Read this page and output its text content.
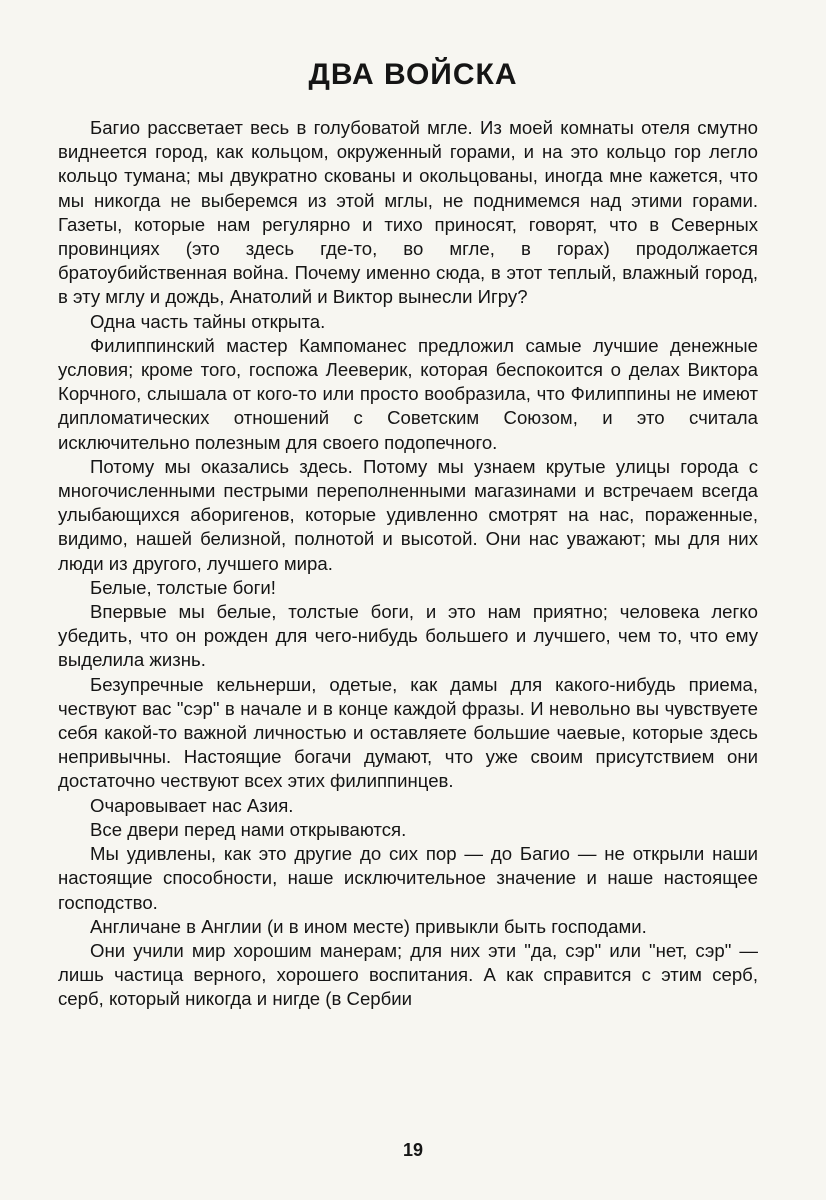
ДВА ВОЙСКА

Багио рассветает весь в голубоватой мгле. Из моей комнаты отеля смутно виднеется город, как кольцом, окруженный горами, и на это кольцо гор легло кольцо тумана; мы двукратно скованы и окольцованы, иногда мне кажется, что мы никогда не выберемся из этой мглы, не поднимемся над этими горами. Газеты, которые нам регулярно и тихо приносят, говорят, что в Северных провинциях (это здесь где-то, во мгле, в горах) продолжается братоубийственная война. Почему именно сюда, в этот теплый, влажный город, в эту мглу и дождь, Анатолий и Виктор вынесли Игру?

Одна часть тайны открыта.

Филиппинский мастер Кампоманес предложил самые лучшие денежные условия; кроме того, госпожа Лееверик, которая беспокоится о делах Виктора Корчного, слышала от кого-то или просто вообразила, что Филиппины не имеют дипломатических отношений с Советским Союзом, и это считала исключительно полезным для своего подопечного.

Потому мы оказались здесь. Потому мы узнаем крутые улицы города с многочисленными пестрыми переполненными магазинами и встречаем всегда улыбающихся аборигенов, которые удивленно смотрят на нас, пораженные, видимо, нашей белизной, полнотой и высотой. Они нас уважают; мы для них люди из другого, лучшего мира.

Белые, толстые боги!

Впервые мы белые, толстые боги, и это нам приятно; человека легко убедить, что он рожден для чего-нибудь большего и лучшего, чем то, что ему выделила жизнь.

Безупречные кельнерши, одетые, как дамы для какого-нибудь приема, чествуют вас "сэр" в начале и в конце каждой фразы. И невольно вы чувствуете себя какой-то важной личностью и оставляете большие чаевые, которые здесь непривычны. Настоящие богачи думают, что уже своим присутствием они достаточно чествуют всех этих филиппинцев.

Очаровывает нас Азия.

Все двери перед нами открываются.

Мы удивлены, как это другие до сих пор — до Багио — не открыли наши настоящие способности, наше исключительное значение и наше настоящее господство.

Англичане в Англии (и в ином месте) привыкли быть господами.

Они учили мир хорошим манерам; для них эти "да, сэр" или "нет, сэр" — лишь частица верного, хорошего воспитания. А как справится с этим серб, серб, который никогда и нигде (в Сербии

19
